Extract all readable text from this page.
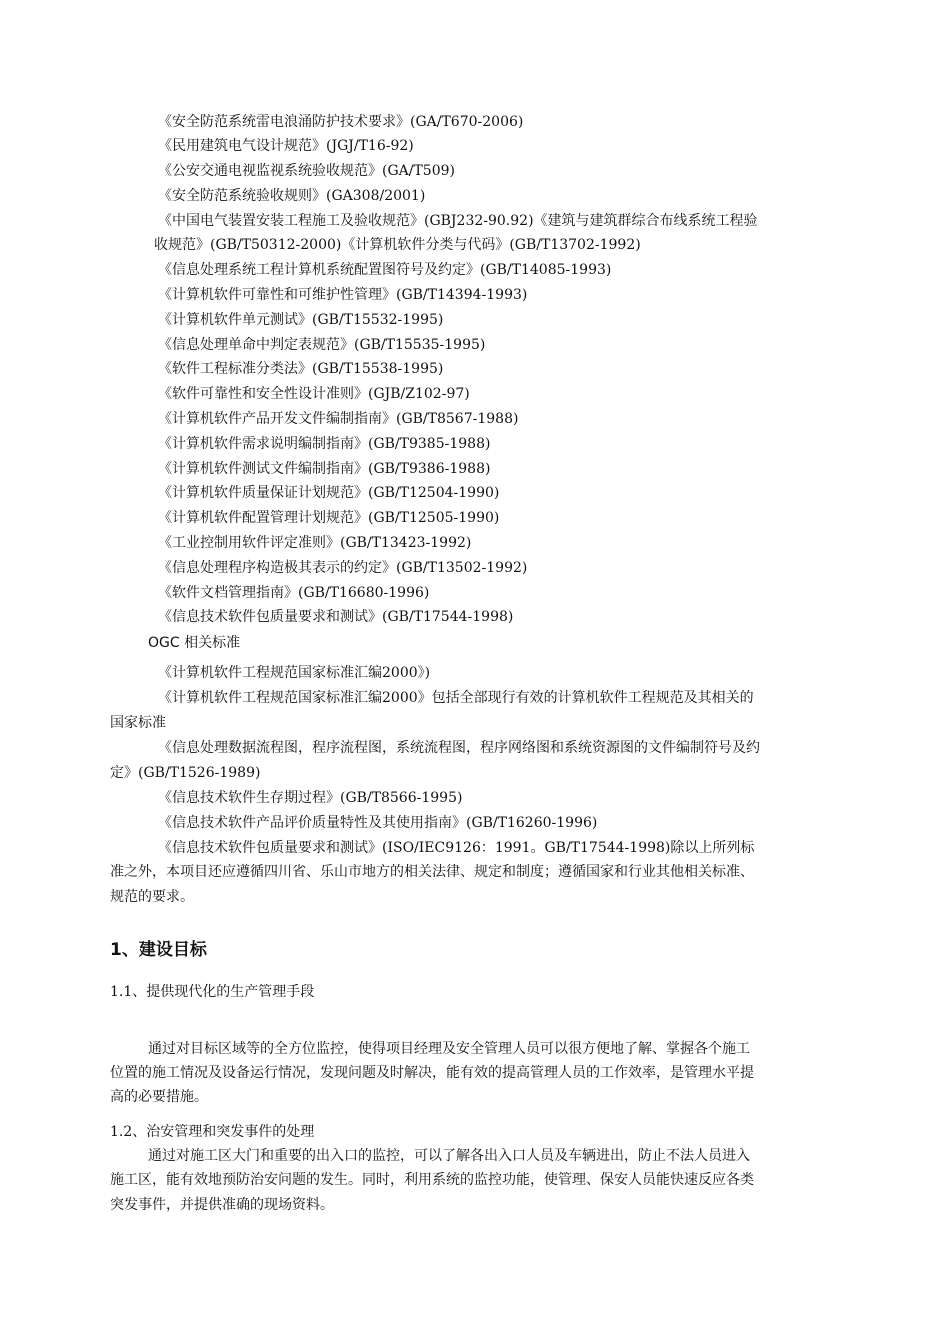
《安全防范系统雷电浪涌防护技术要求》(GA/T670-2006)
《民用建筑电气设计规范》(JGJ/T16-92)
《公安交通电视监视系统验收规范》(GA/T509)
《安全防范系统验收规则》(GA308/2001)
《中国电气装置安装工程施工及验收规范》(GBJ232-90.92)《建筑与建筑群综合布线系统工程验
收规范》(GB/T50312-2000)《计算机软件分类与代码》(GB/T13702-1992)
《信息处理系统工程计算机系统配置图符号及约定》(GB/T14085-1993)
《计算机软件可靠性和可维护性管理》(GB/T14394-1993)
《计算机软件单元测试》(GB/T15532-1995)
《信息处理单命中判定表规范》(GB/T15535-1995)
《软件工程标准分类法》(GB/T15538-1995)
《软件可靠性和安全性设计准则》(GJB/Z102-97)
《计算机软件产品开发文件编制指南》(GB/T8567-1988)
《计算机软件需求说明编制指南》(GB/T9385-1988)
《计算机软件测试文件编制指南》(GB/T9386-1988)
《计算机软件质量保证计划规范》(GB/T12504-1990)
《计算机软件配置管理计划规范》(GB/T12505-1990)
《工业控制用软件评定准则》(GB/T13423-1992)
《信息处理程序构造极其表示的约定》(GB/T13502-1992)
《软件文档管理指南》(GB/T16680-1996)
《信息技术软件包质量要求和测试》(GB/T17544-1998)
OGC 相关标准
《计算机软件工程规范国家标准汇编2000》)
《计算机软件工程规范国家标准汇编2000》包括全部现行有效的计算机软件工程规范及其相关的
国家标准
《信息处理数据流程图，程序流程图，系统流程图，程序网络图和系统资源图的文件编制符号及约
定》(GB/T1526-1989)
《信息技术软件生存期过程》(GB/T8566-1995)
《信息技术软件产品评价质量特性及其使用指南》(GB/T16260-1996)
《信息技术软件包质量要求和测试》(ISO/IEC9126：1991。GB/T17544-1998)除以上所列标
准之外，本项目还应遵循四川省、乐山市地方的相关法律、规定和制度；遵循国家和行业其他相关标准、
规范的要求。
1、建设目标
1.1、提供现代化的生产管理手段
通过对目标区域等的全方位监控，使得项目经理及安全管理人员可以很方便地了解、掌握各个施工
位置的施工情况及设备运行情况，发现问题及时解决，能有效的提高管理人员的工作效率，是管理水平提
高的必要措施。
1.2、治安管理和突发事件的处理
通过对施工区大门和重要的出入口的监控，可以了解各出入口人员及车辆进出，防止不法人员进入
施工区，能有效地预防治安问题的发生。同时，利用系统的监控功能，使管理、保安人员能快速反应各类
突发事件，并提供准确的现场资料。
